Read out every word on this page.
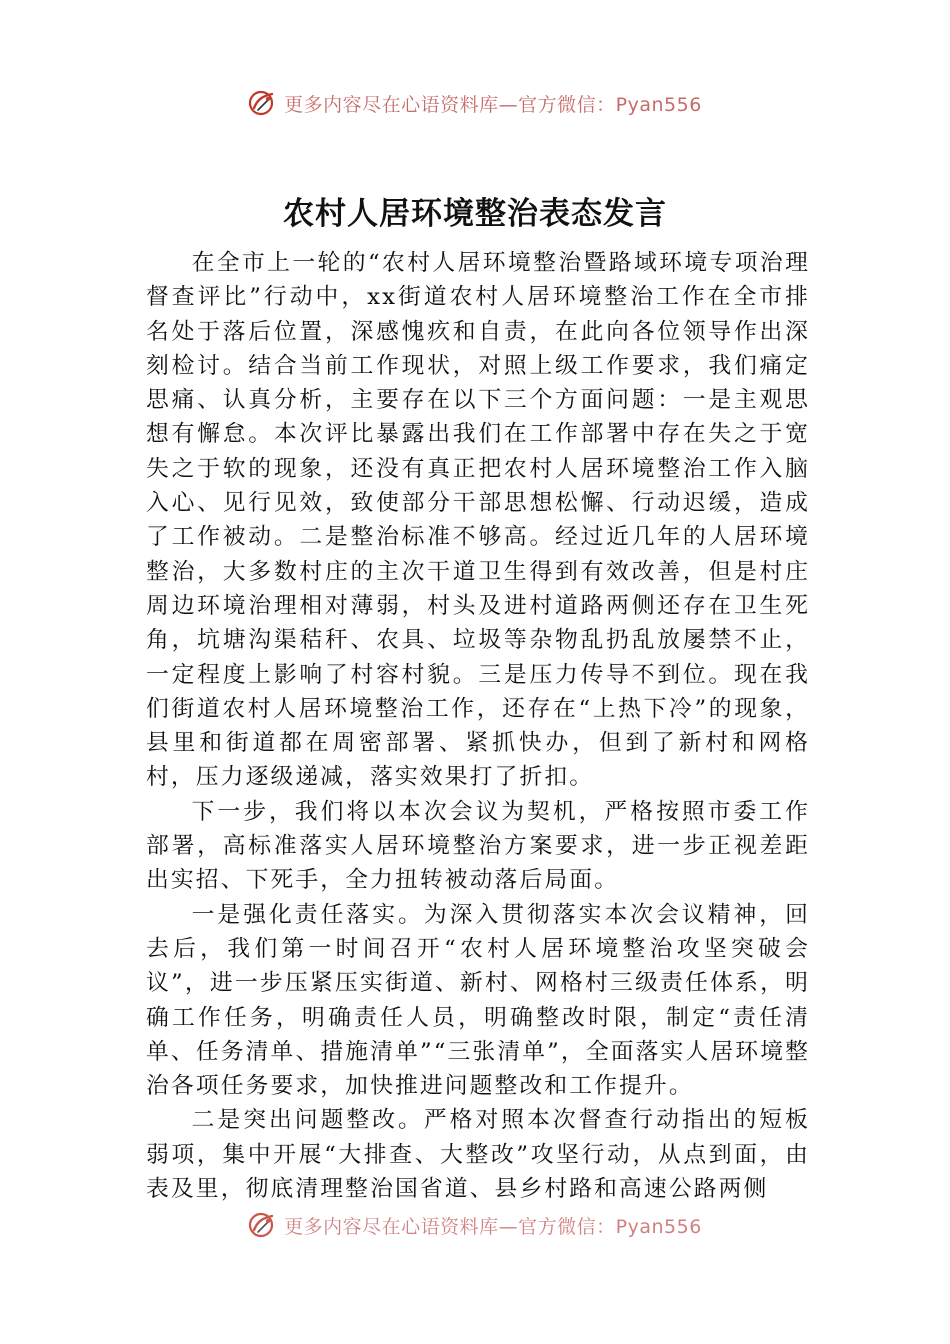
更多内容尽在心语资料库—官方微信：Pyan556
农村人居环境整治表态发言

在全市上一轮的“农村人居环境整治暨路域环境专项治理督查评比”行动中，xx街道农村人居环境整治工作在全市排名处于落后位置，深感愧疚和自责，在此向各位领导作出深刻检讨。结合当前工作现状，对照上级工作要求，我们痛定思痛、认真分析，主要存在以下三个方面问题：一是主观思想有懈怠。本次评比暴露出我们在工作部署中存在失之于宽失之于软的现象，还没有真正把农村人居环境整治工作入脑入心、见行见效，致使部分干部思想松懈、行动迟缓，造成了工作被动。二是整治标准不够高。经过近几年的人居环境整治，大多数村庄的主次干道卫生得到有效改善，但是村庄周边环境治理相对薄弱，村头及进村道路两侧还存在卫生死角，坑塘沟渠秸秆、农具、垃圾等杂物乱扔乱放屡禁不止，一定程度上影响了村容村貌。三是压力传导不到位。现在我们街道农村人居环境整治工作，还存在“上热下冷”的现象，县里和街道都在周密部署、紧抓快办，但到了新村和网格村，压力逐级递减，落实效果打了折扣。

下一步，我们将以本次会议为契机，严格按照市委工作部署，高标准落实人居环境整治方案要求，进一步正视差距出实招、下死手，全力扭转被动落后局面。

一是强化责任落实。为深入贯彻落实本次会议精神，回去后，我们第一时间召开“农村人居环境整治攻坚突破会议”，进一步压紧压实街道、新村、网格村三级责任体系，明确工作任务，明确责任人员，明确整改时限，制定“责任清单、任务清单、措施清单”“三张清单”，全面落实人居环境整治各项任务要求，加快推进问题整改和工作提升。

二是突出问题整改。严格对照本次督查行动指出的短板弱项，集中开展“大排查、大整改”攻坚行动，从点到面，由表及里，彻底清理整治国省道、县乡村路和高速公路两侧

更多内容尽在心语资料库—官方微信：Pyan556
